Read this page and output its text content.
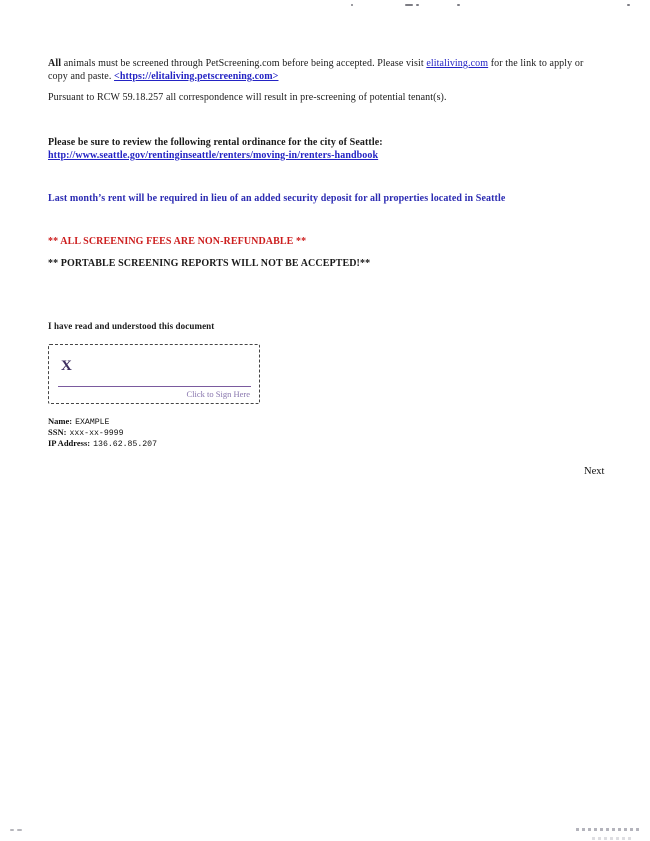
All animals must be screened through PetScreening.com before being accepted. Please visit elitaliving.com for the link to apply or copy and paste. <https://elitaliving.petscreening.com>

Pursuant to RCW 59.18.257 all correspondence will result in pre-screening of potential tenant(s).

Please be sure to review the following rental ordinance for the city of Seattle: http://www.seattle.gov/rentinginseattle/renters/moving-in/renters-handbook

Last month’s rent will be required in lieu of an added security deposit for all properties located in Seattle

** ALL SCREENING FEES ARE NON-REFUNDABLE **

** PORTABLE SCREENING REPORTS WILL NOT BE ACCEPTED!**

I have read and understood this document

X
Click to Sign Here
Name: EXAMPLE
SSN: xxx-xx-9999
IP Address: 136.62.85.207
Next
